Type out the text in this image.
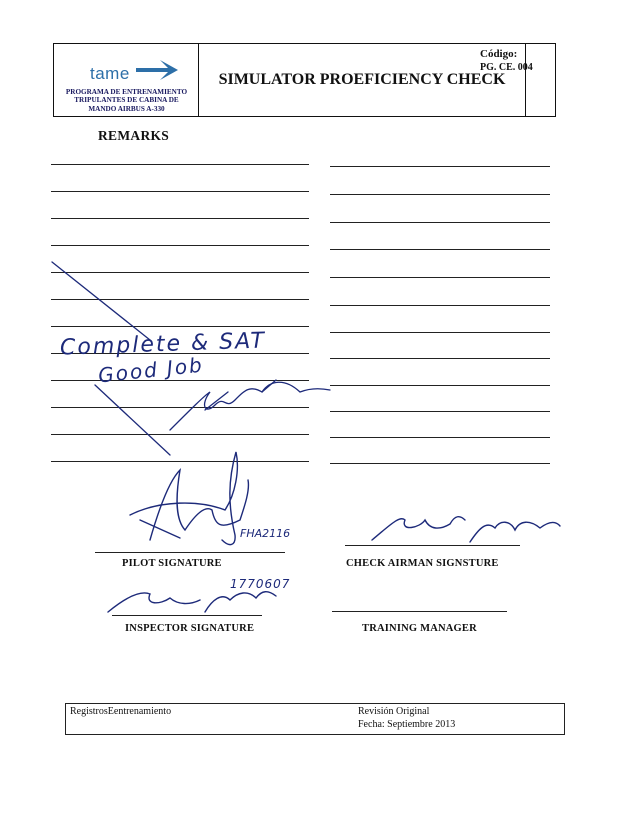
tame
PROGRAMA DE ENTRENAMIENTO
TRIPULANTES DE CABINA DE
MANDO AIRBUS A-330
SIMULATOR PROEFICIENCY CHECK
Código:
PG. CE. 004
REMARKS
Complete & SAT
Good Job
FHA2116
1770607
PILOT SIGNATURE	CHECK AIRMAN SIGNSTURE
INSPECTOR SIGNATURE	TRAINING MANAGER
RegistrosEentrenamiento	Revisión Original
Fecha: Septiembre 2013
